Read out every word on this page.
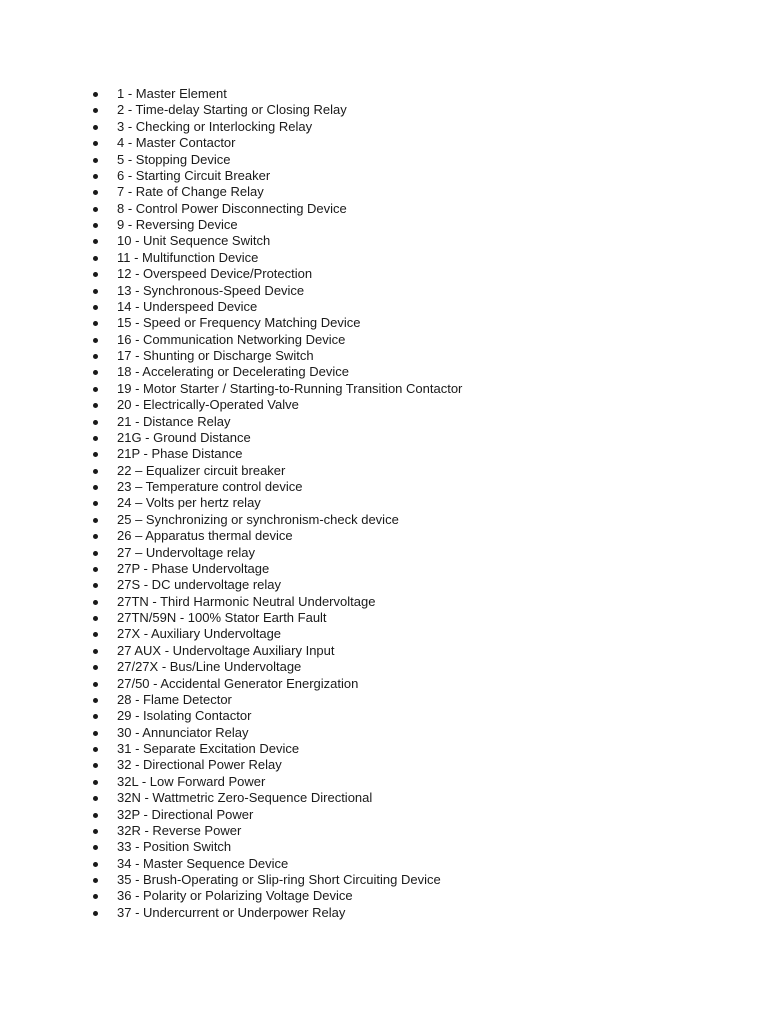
1 - Master Element
2 - Time-delay Starting or Closing Relay
3 - Checking or Interlocking Relay
4 - Master Contactor
5 - Stopping Device
6 - Starting Circuit Breaker
7 - Rate of Change Relay
8 - Control Power Disconnecting Device
9 - Reversing Device
10 - Unit Sequence Switch
11 - Multifunction Device
12 - Overspeed Device/Protection
13 - Synchronous-Speed Device
14 - Underspeed Device
15 - Speed or Frequency Matching Device
16 - Communication Networking Device
17 - Shunting or Discharge Switch
18 - Accelerating or Decelerating Device
19 - Motor Starter / Starting-to-Running Transition Contactor
20 - Electrically-Operated Valve
21 - Distance Relay
21G - Ground Distance
21P - Phase Distance
22 – Equalizer circuit breaker
23 – Temperature control device
24 – Volts per hertz relay
25 – Synchronizing or synchronism-check device
26 – Apparatus thermal device
27 – Undervoltage relay
27P - Phase Undervoltage
27S - DC undervoltage relay
27TN - Third Harmonic Neutral Undervoltage
27TN/59N - 100% Stator Earth Fault
27X - Auxiliary Undervoltage
27 AUX - Undervoltage Auxiliary Input
27/27X - Bus/Line Undervoltage
27/50 - Accidental Generator Energization
28 - Flame Detector
29 - Isolating Contactor
30 - Annunciator Relay
31 - Separate Excitation Device
32 - Directional Power Relay
32L - Low Forward Power
32N - Wattmetric Zero-Sequence Directional
32P - Directional Power
32R - Reverse Power
33 - Position Switch
34 - Master Sequence Device
35 - Brush-Operating or Slip-ring Short Circuiting Device
36 - Polarity or Polarizing Voltage Device
37 - Undercurrent or Underpower Relay
